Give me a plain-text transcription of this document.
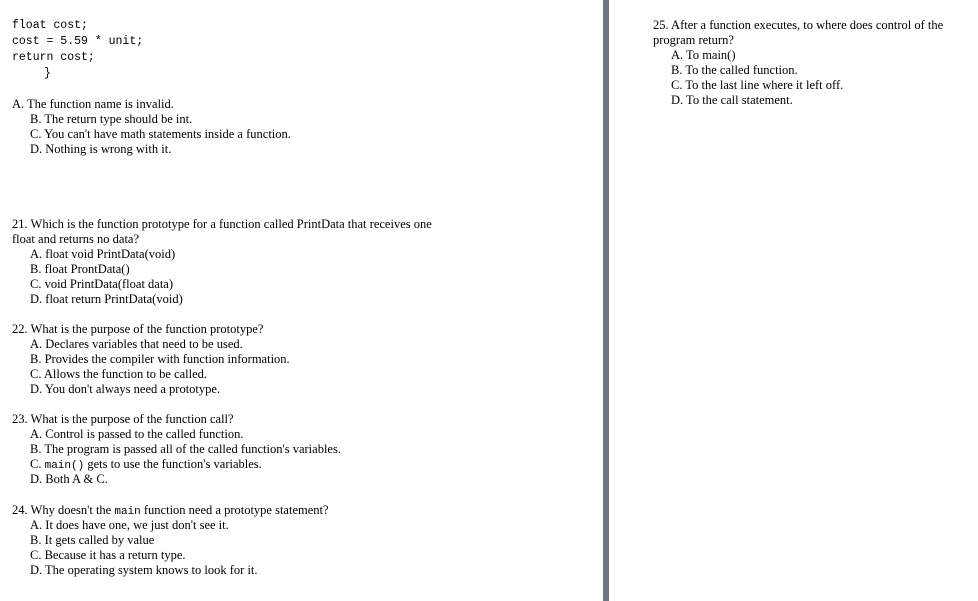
float cost;
cost = 5.59 * unit;
return cost;
}
A. The function name is invalid.
B. The return type should be int.
C. You can't have math statements inside a function.
D. Nothing is wrong with it.
21. Which is the function prototype for a function called PrintData that receives one float and returns no data?
A. float void PrintData(void)
B. float ProntData()
C. void PrintData(float data)
D. float return PrintData(void)
22. What is the purpose of the function prototype?
A. Declares variables that need to be used.
B. Provides the compiler with function information.
C. Allows the function to be called.
D. You don't always need a prototype.
23. What is the purpose of the function call?
A. Control is passed to the called function.
B. The program is passed all of the called function's variables.
C. main() gets to use the function's variables.
D. Both A & C.
24. Why doesn't the main function need a prototype statement?
A. It does have one, we just don't see it.
B. It gets called by value
C. Because it has a return type.
D. The operating system knows to look for it.
25. After a function executes, to where does control of the program return?
A. To main()
B. To the called function.
C. To the last line where it left off.
D. To the call statement.
